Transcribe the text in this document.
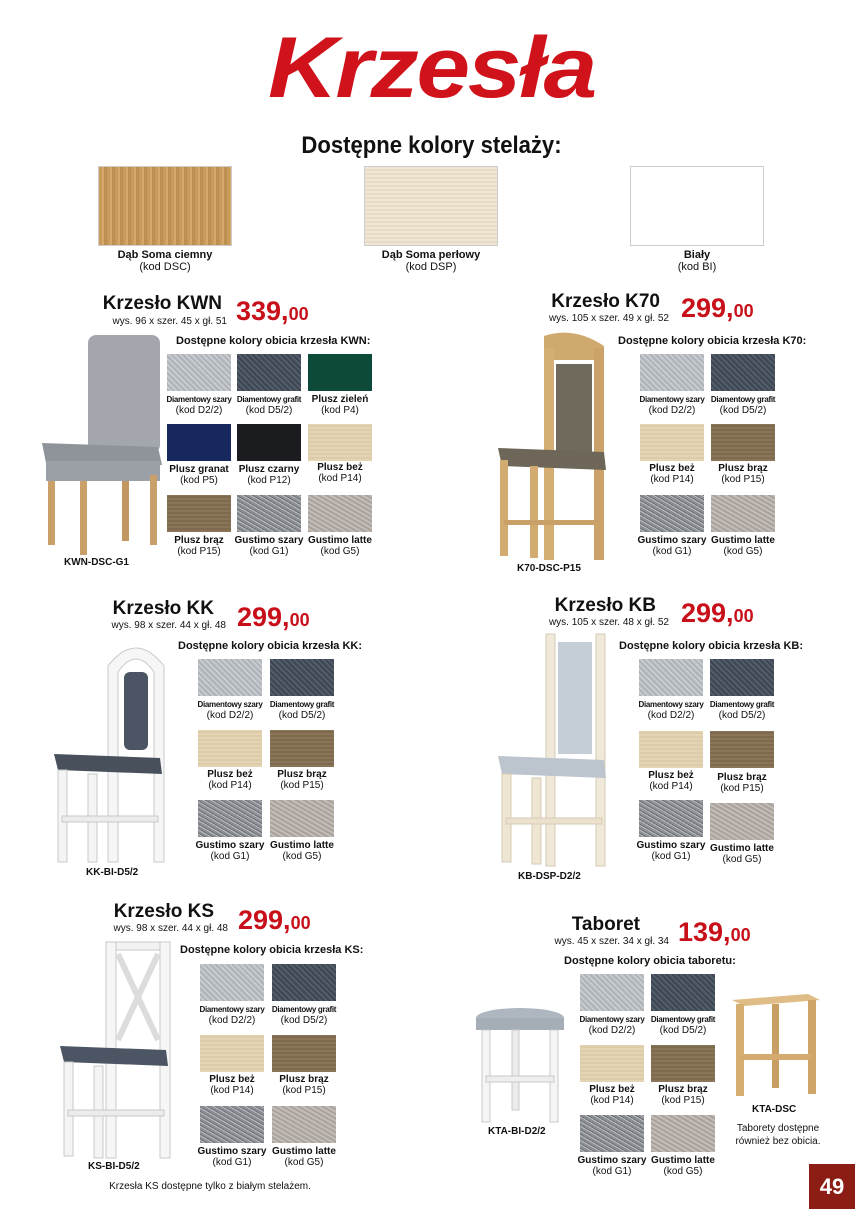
Krzesła
Dostępne kolory stelaży:
Dąb Soma ciemny
(kod DSC)
Dąb Soma perłowy
(kod DSP)
Biały
(kod BI)
Krzesło KWN
wys. 96 x szer. 45 x gł. 51 339,00
Dostępne kolory obicia krzesła KWN:
KWN-DSC-G1
Diamentowy szary
(kod D2/2)
Diamentowy grafit
(kod D5/2)
Plusz zieleń
(kod P4)
Plusz granat
(kod P5)
Plusz czarny
(kod P12)
Plusz beż
(kod P14)
Plusz brąz
(kod P15)
Gustimo szary
(kod G1)
Gustimo latte
(kod G5)
Krzesło K70
wys. 105 x szer. 49 x gł. 52 299,00
Dostępne kolory obicia krzesła K70:
K70-DSC-P15
Diamentowy szary
(kod D2/2)
Diamentowy grafit
(kod D5/2)
Plusz beż
(kod P14)
Plusz brąz
(kod P15)
Gustimo szary
(kod G1)
Gustimo latte
(kod G5)
Krzesło KK
wys. 98 x szer. 44 x gł. 48 299,00
Dostępne kolory obicia krzesła KK:
KK-BI-D5/2
Diamentowy szary
(kod D2/2)
Diamentowy grafit
(kod D5/2)
Plusz beż
(kod P14)
Plusz brąz
(kod P15)
Gustimo szary
(kod G1)
Gustimo latte
(kod G5)
Krzesło KB
wys. 105 x szer. 48 x gł. 52 299,00
Dostępne kolory obicia krzesła KB:
KB-DSP-D2/2
Diamentowy szary
(kod D2/2)
Diamentowy grafit
(kod D5/2)
Plusz beż
(kod P14)
Plusz brąz
(kod P15)
Gustimo szary
(kod G1)
Gustimo latte
(kod G5)
Krzesło KS
wys. 98 x szer. 44 x gł. 48 299,00
Dostępne kolory obicia krzesła KS:
KS-BI-D5/2
Krzesła KS dostępne tylko z białym stelażem.
Diamentowy szary
(kod D2/2)
Diamentowy grafit
(kod D5/2)
Plusz beż
(kod P14)
Plusz brąz
(kod P15)
Gustimo szary
(kod G1)
Gustimo latte
(kod G5)
Taboret
wys. 45 x szer. 34 x gł. 34 139,00
Dostępne kolory obicia taboretu:
KTA-BI-D2/2
KTA-DSC
Taborety dostępne również bez obicia.
Diamentowy szary
(kod D2/2)
Diamentowy grafit
(kod D5/2)
Plusz beż
(kod P14)
Plusz brąz
(kod P15)
Gustimo szary
(kod G1)
Gustimo latte
(kod G5)
49
